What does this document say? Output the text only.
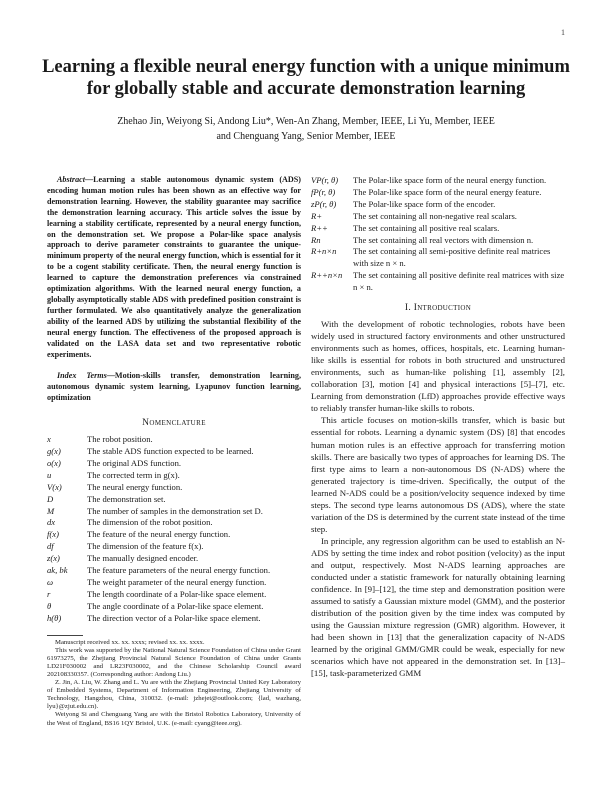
1
Learning a flexible neural energy function with a unique minimum for globally stable and accurate demonstration learning
Zhehao Jin, Weiyong Si, Andong Liu*, Wen-An Zhang, Member, IEEE, Li Yu, Member, IEEE
and Chenguang Yang, Senior Member, IEEE

Abstract—Learning a stable autonomous dynamic system (ADS) encoding human motion rules has been shown as an effective way for demonstration learning. However, the stability guarantee may sacrifice the demonstration learning accuracy. This article solves the issue by learning a stability certificate, represented by a neural energy function, on the demonstration set. We propose a Polar-like space analysis approach to derive parameter constraints to guarantee the unique-minimum property of the neural energy function, which is essential for it to be a cogent stability certificate. Then, the neural energy function is learned to capture the demonstration preferences via constrained optimization algorithms. With the learned neural energy function, a globally asymptotically stable ADS with predefined position constraint is further formulated. We also quantitatively analyze the generalization ability of the learned ADS by utilizing the substantial flexibility of the neural energy function. The effectiveness of the proposed approach is validated on the LASA data set and two representative robotic experiments.

Index Terms—Motion-skills transfer, demonstration learning, autonomous dynamic system learning, Lyapunov function learning, optimization

Nomenclature
x	The robot position.
g(x)	The stable ADS function expected to be learned.
o(x)	The original ADS function.
u	The corrected term in g(x).
V(x)	The neural energy function.
D	The demonstration set.
M	The number of samples in the demonstration set D.
dx	The dimension of the robot position.
f(x)	The feature of the neural energy function.
df	The dimension of the feature f(x).
z(x)	The manually designed encoder.
ak, bk	The feature parameters of the neural energy function.
ω	The weight parameter of the neural energy function.
r	The length coordinate of a Polar-like space element.
θ	The angle coordinate of a Polar-like space element.
h(θ)	The direction vector of a Polar-like space element.

Manuscript received xx. xx. xxxx; revised xx. xx. xxxx.

This work was supported by the National Natural Science Foundation of China under Grant 61973275, the Zhejiang Provincial Natural Science Foundation of China under Grants LD21F030002 and LR23F030002, and the Chinese Scholarship Council award 202108330357. (Corresponding author: Andong Liu.)

Z. Jin, A. Liu, W. Zhang and L. Yu are with the Zhejiang Provincial United Key Laboratory of Embedded Systems, Department of Information Engineering, Zhejiang University of Technology, Hangzhou, China, 310032. (e-mail: jzhejet@outlook.com; {lad, wazhang, lyu}@zjut.edu.cn).

Weiyong Si and Chenguang Yang are with the Bristol Robotics Laboratory, University of the West of England, BS16 1QY Bristol, U.K. (e-mail: cyang@ieee.org).

VP(r, θ)	The Polar-like space form of the neural energy function.
fP(r, θ)	The Polar-like space form of the neural energy feature.
zP(r, θ)	The Polar-like space form of the encoder.
R+	The set containing all non-negative real scalars.
R++	The set containing all positive real scalars.
Rn	The set containing all real vectors with dimension n.
R+n×n	The set containing all semi-positive definite real matrices with size n × n.
R++n×n	The set containing all positive definite real matrices with size n × n.
I. Introduction

With the development of robotic technologies, robots have been widely used in structured factory environments and other unstructured environments such as homes, offices, hospitals, etc. Learning human-like skills is essential for robots in both structured and unstructured environments, such as human-like polishing [1], assembly [2], collaboration [3], motion [4] and physical interactions [5]–[7], etc. Learning from demonstration (LfD) approaches provide effective ways to reliably transfer human-like skills to robots.

This article focuses on motion-skills transfer, which is basic but essential for robots. Learning a dynamic system (DS) [8] that encodes human motion rules is an effective approach for transferring motion skills. There are basically two types of approaches for learning DS. The first type aims to learn a non-autonomous DS (N-ADS) where the generated trajectory is time-driven. Specifically, the output of the learned N-ADS could be a position/velocity sequence indexed by time steps. The second type learns autonomous DS (ADS), where the state variation of the DS is determined by the current state instead of the time step.

In principle, any regression algorithm can be used to establish an N-ADS by setting the time index and robot position (velocity) as the input and output, respectively. Most N-ADS learning approaches are conducted under a statistic framework for naturally obtaining learning confidence. In [9]–[12], the time step and demonstration position were assumed to satisfy a Gaussian mixture model (GMM), and the posterior distribution of the position given by the time index was computed by using the Gaussian mixture regression (GMR) algorithm. However, it had been shown in [13] that the generalization capacity of N-ADS learned by the original GMM/GMR could be weak, especially for new scenarios which have not appeared in the demonstration set. In [13]–[15], task-parameterized GMM
